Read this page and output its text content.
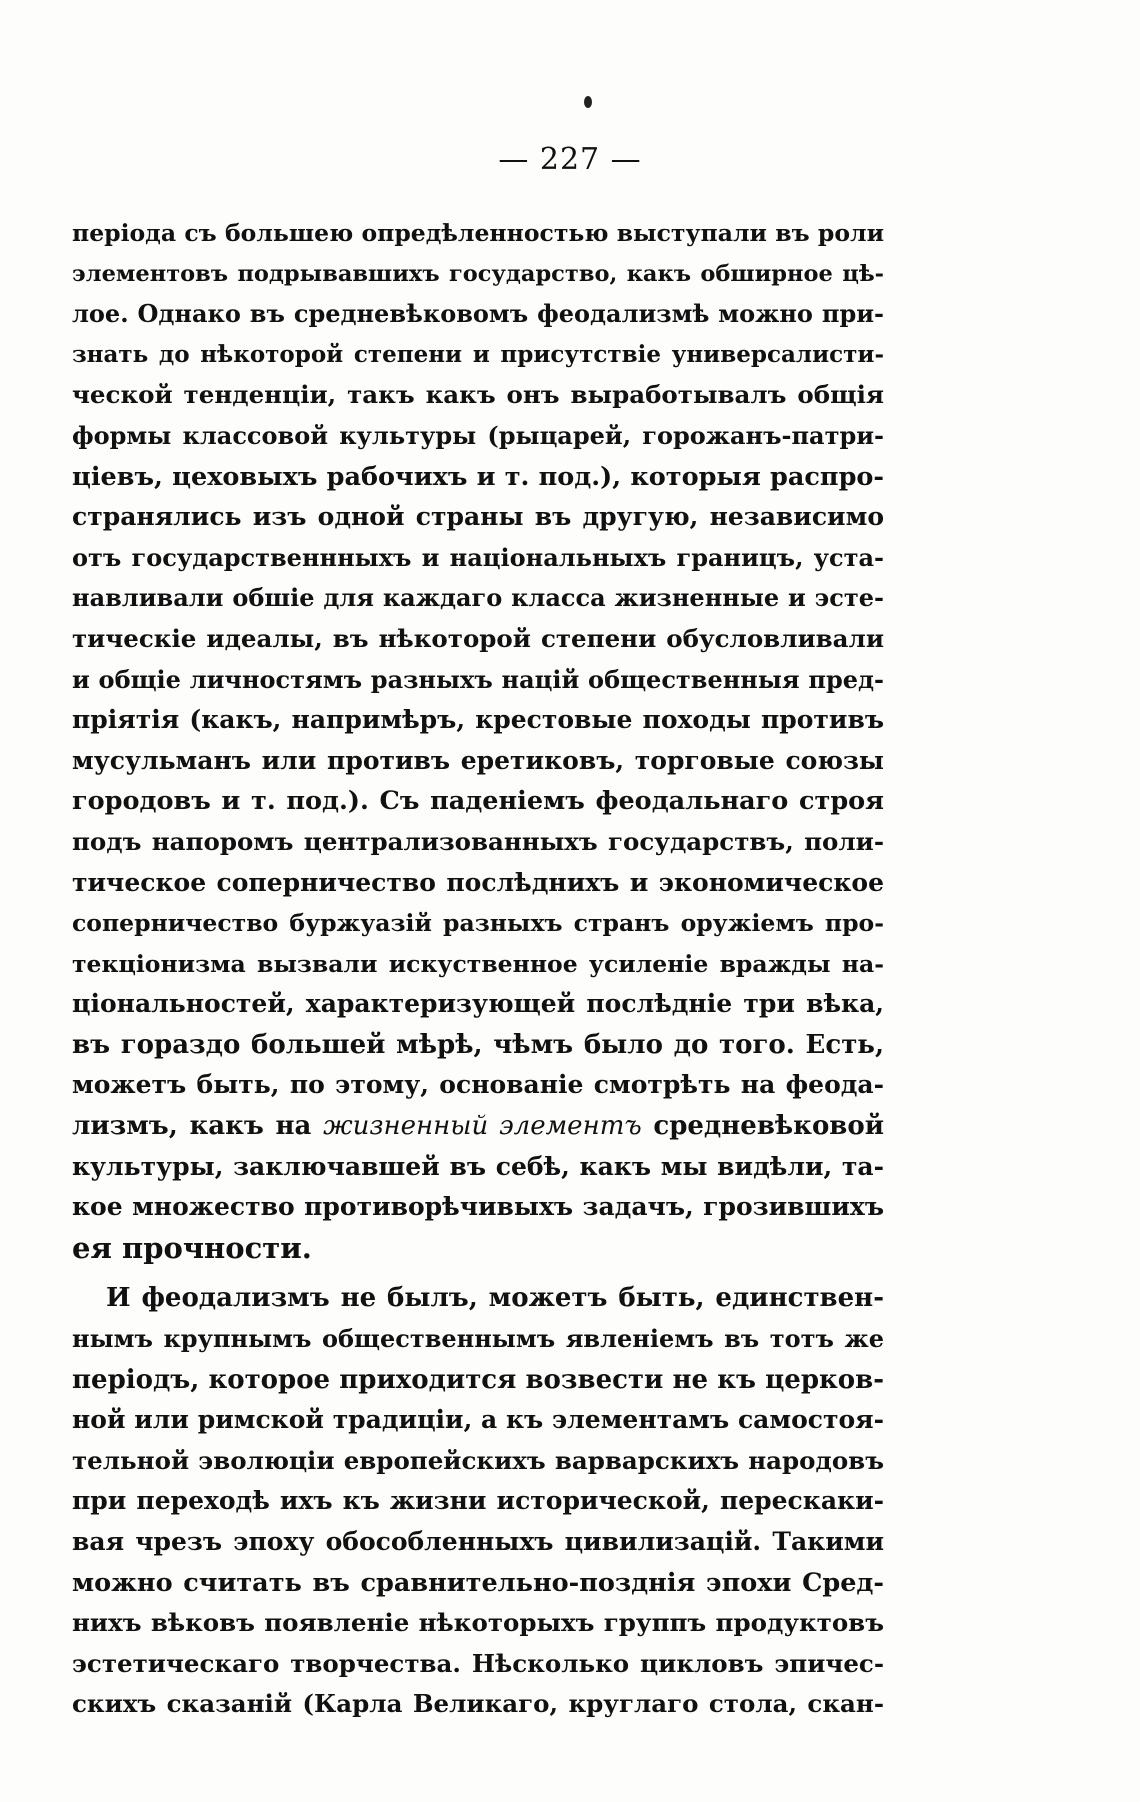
— 227 —
періода съ большею опредѣленностью выступали въ роли
элементовъ подрывавшихъ государство, какъ обширное цѣ-
лое. Однако въ средневѣковомъ феодализмѣ можно при-
знать до нѣкоторой степени и присутствіе универсалисти-
ческой тенденціи, такъ какъ онъ выработывалъ общія
формы классовой культуры (рыцарей, горожанъ-патри-
ціевъ, цеховыхъ рабочихъ и т. под.), которыя распро-
странялись изъ одной страны въ другую, независимо
отъ государственнныхъ и національныхъ границъ, уста-
навливали обшіе для каждаго класса жизненные и эсте-
тическіе идеалы, въ нѣкоторой степени обусловливали
и общіе личностямъ разныхъ націй общественныя пред-
пріятія (какъ, напримѣръ, крестовые походы противъ
мусульманъ или противъ еретиковъ, торговые союзы
городовъ и т. под.). Съ паденіемъ феодальнаго строя
подъ напоромъ централизованныхъ государствъ, поли-
тическое соперничество послѣднихъ и экономическое
соперничество буржуазій разныхъ странъ оружіемъ про-
текціонизма вызвали искуственное усиленіе вражды на-
ціональностей, характеризующей послѣдніе три вѣка,
въ гораздо большей мѣрѣ, чѣмъ было до того. Есть,
можетъ быть, по этому, основаніе смотрѣть на феода-
лизмъ, какъ на жизненный элементъ средневѣковой
культуры, заключавшей въ себѣ, какъ мы видѣли, та-
кое множество противорѣчивыхъ задачъ, грозившихъ
ея прочности.
И феодализмъ не былъ, можетъ быть, единствен-
нымъ крупнымъ общественнымъ явленіемъ въ тотъ же
періодъ, которое приходится возвести не къ церков-
ной или римской традиціи, а къ элементамъ самостоя-
тельной эволюціи европейскихъ варварскихъ народовъ
при переходѣ ихъ къ жизни исторической, перескаки-
вая чрезъ эпоху обособленныхъ цивилизацій. Такими
можно считать въ сравнительно-позднія эпохи Сред-
нихъ вѣковъ появленіе нѣкоторыхъ группъ продуктовъ
эстетическаго творчества. Нѣсколько цикловъ эпичес-
скихъ сказаній (Карла Великаго, круглаго стола, скан-
